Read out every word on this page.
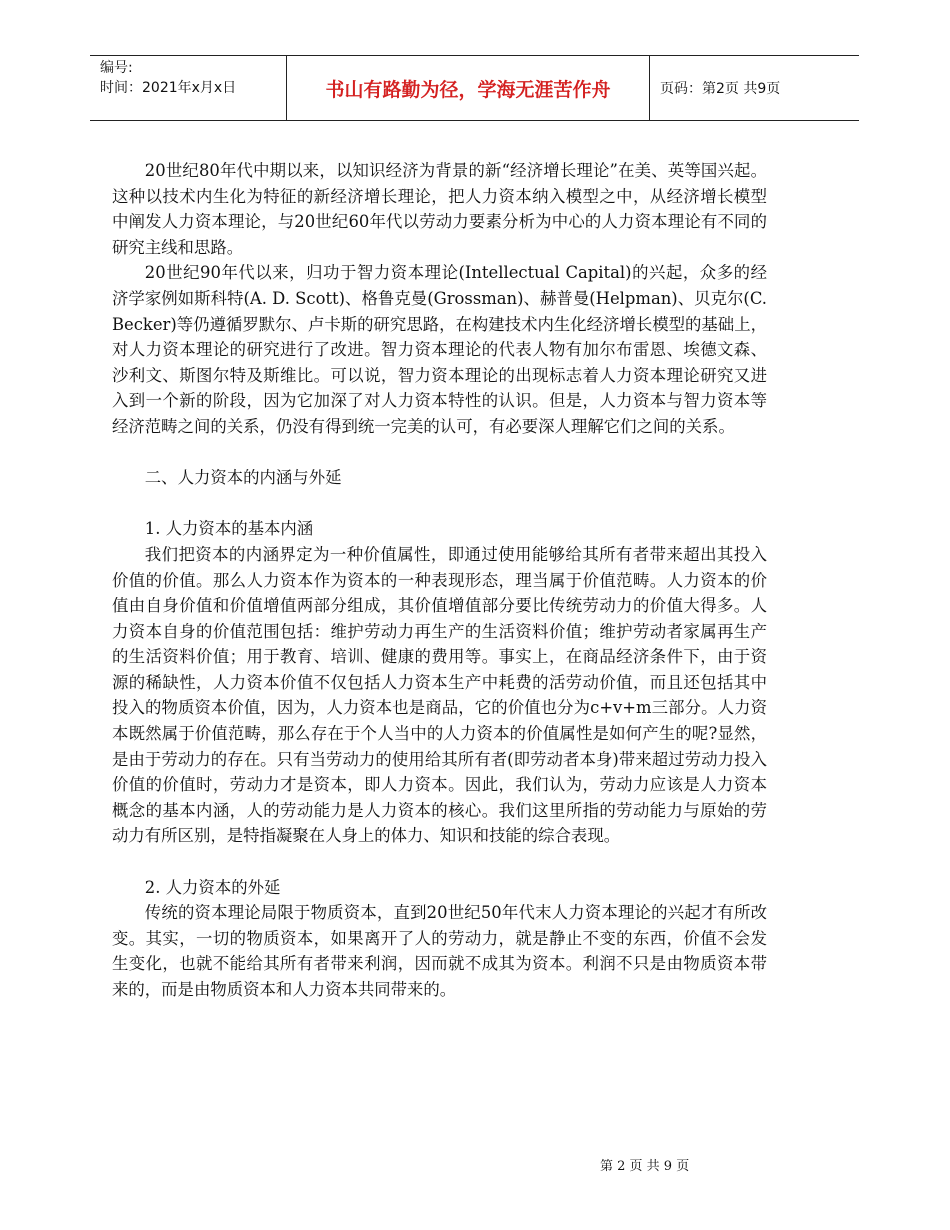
编号:
时间：2021年x月x日	书山有路勤为径，学海无涯苦作舟	页码：第2页 共9页

20世纪80年代中期以来，以知识经济为背景的新“经济增长理论”在美、英等国兴起。这种以技术内生化为特征的新经济增长理论，把人力资本纳入模型之中，从经济增长模型中阐发人力资本理论，与20世纪60年代以劳动力要素分析为中心的人力资本理论有不同的研究主线和思路。

20世纪90年代以来，归功于智力资本理论(Intellectual Capital)的兴起，众多的经济学家例如斯科特(A. D. Scott)、格鲁克曼(Grossman)、赫普曼(Helpman)、贝克尔(C. Becker)等仍遵循罗默尔、卢卡斯的研究思路，在构建技术内生化经济增长模型的基础上，对人力资本理论的研究进行了改进。智力资本理论的代表人物有加尔布雷恩、埃德文森、沙利文、斯图尔特及斯维比。可以说，智力资本理论的出现标志着人力资本理论研究又进入到一个新的阶段，因为它加深了对人力资本特性的认识。但是，人力资本与智力资本等经济范畴之间的关系，仍没有得到统一完美的认可，有必要深人理解它们之间的关系。

二、人力资本的内涵与外延

1. 人力资本的基本内涵

我们把资本的内涵界定为一种价值属性，即通过使用能够给其所有者带来超出其投入价值的价值。那么人力资本作为资本的一种表现形态，理当属于价值范畴。人力资本的价值由自身价值和价值增值两部分组成，其价值增值部分要比传统劳动力的价值大得多。人力资本自身的价值范围包括：维护劳动力再生产的生活资料价值；维护劳动者家属再生产的生活资料价值；用于教育、培训、健康的费用等。事实上，在商品经济条件下，由于资源的稀缺性，人力资本价值不仅包括人力资本生产中耗费的活劳动价值，而且还包括其中投入的物质资本价值，因为，人力资本也是商品，它的价值也分为c+v+m三部分。人力资本既然属于价值范畴，那么存在于个人当中的人力资本的价值属性是如何产生的呢?显然，是由于劳动力的存在。只有当劳动力的使用给其所有者(即劳动者本身)带来超过劳动力投入价值的价值时，劳动力才是资本，即人力资本。因此，我们认为，劳动力应该是人力资本概念的基本内涵，人的劳动能力是人力资本的核心。我们这里所指的劳动能力与原始的劳动力有所区别，是特指凝聚在人身上的体力、知识和技能的综合表现。

2. 人力资本的外延

传统的资本理论局限于物质资本，直到20世纪50年代末人力资本理论的兴起才有所改变。其实，一切的物质资本，如果离开了人的劳动力，就是静止不变的东西，价值不会发生变化，也就不能给其所有者带来利润，因而就不成其为资本。利润不只是由物质资本带来的，而是由物质资本和人力资本共同带来的。

第 2 页 共 9 页
